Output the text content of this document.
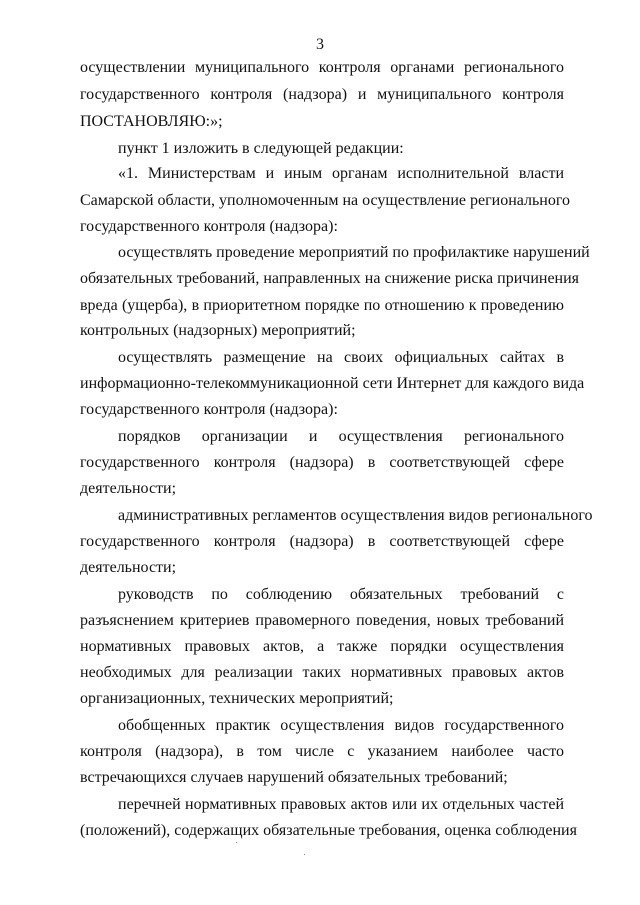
3
осуществлении муниципального контроля органами регионального
государственного контроля (надзора) и муниципального контроля
ПОСТАНОВЛЯЮ:»;
пункт 1 изложить в следующей редакции:
«1. Министерствам и иным органам исполнительной власти
Самарской области, уполномоченным на осуществление регионального
государственного контроля (надзора):
осуществлять проведение мероприятий по профилактике нарушений
обязательных требований, направленных на снижение риска причинения
вреда (ущерба), в приоритетном порядке по отношению к проведению
контрольных (надзорных) мероприятий;
осуществлять размещение на своих официальных сайтах в
информационно-телекоммуникационной сети Интернет для каждого вида
государственного контроля (надзора):
порядков организации и осуществления регионального
государственного контроля (надзора) в соответствующей сфере
деятельности;
административных регламентов осуществления видов регионального
государственного контроля (надзора) в соответствующей сфере
деятельности;
руководств по соблюдению обязательных требований с
разъяснением критериев правомерного поведения, новых требований
нормативных правовых актов, а также порядки осуществления
необходимых для реализации таких нормативных правовых актов
организационных, технических мероприятий;
обобщенных практик осуществления видов государственного
контроля (надзора), в том числе с указанием наиболее часто
встречающихся случаев нарушений обязательных требований;
перечней нормативных правовых актов или их отдельных частей
(положений), содержащих обязательные требования, оценка соблюдения
